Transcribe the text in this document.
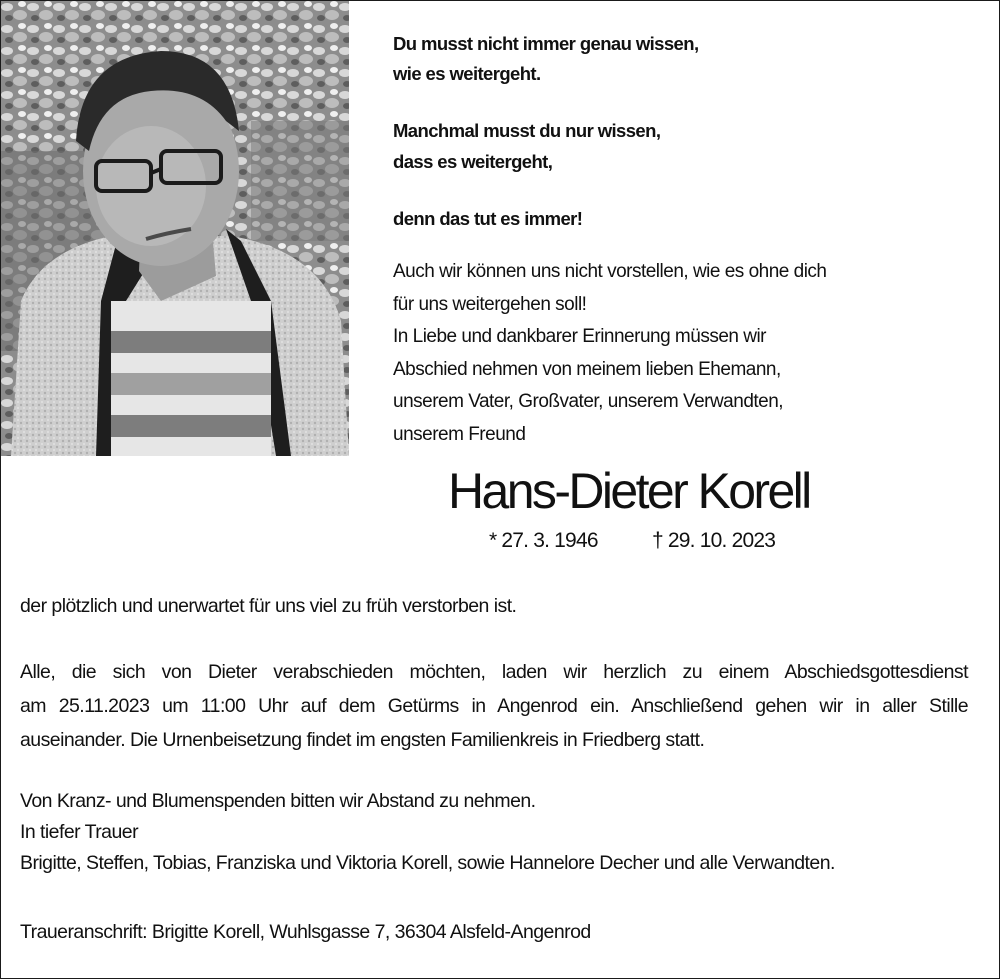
Du musst nicht immer genau wissen,
wie es weitergeht.
Manchmal musst du nur wissen,
dass es weitergeht,
denn das tut es immer!
Auch wir können uns nicht vorstellen, wie es ohne dich
für uns weitergehen soll!
In Liebe und dankbarer Erinnerung müssen wir
Abschied nehmen von meinem lieben Ehemann,
unserem Vater, Großvater, unserem Verwandten,
unserem Freund
Hans-Dieter Korell
* 27. 3. 1946	† 29. 10. 2023
der plötzlich und unerwartet für uns viel zu früh verstorben ist.
Alle, die sich von Dieter verabschieden möchten, laden wir herzlich zu einem Abschiedsgottesdienst
am 25.11.2023 um 11:00 Uhr auf dem Getürms in Angenrod ein. Anschließend gehen wir in aller Stille
auseinander. Die Urnenbeisetzung findet im engsten Familienkreis in Friedberg statt.
Von Kranz- und Blumenspenden bitten wir Abstand zu nehmen.
In tiefer Trauer
Brigitte, Steffen, Tobias, Franziska und Viktoria Korell, sowie Hannelore Decher und alle Verwandten.
Traueranschrift: Brigitte Korell, Wuhlsgasse 7, 36304 Alsfeld-Angenrod
